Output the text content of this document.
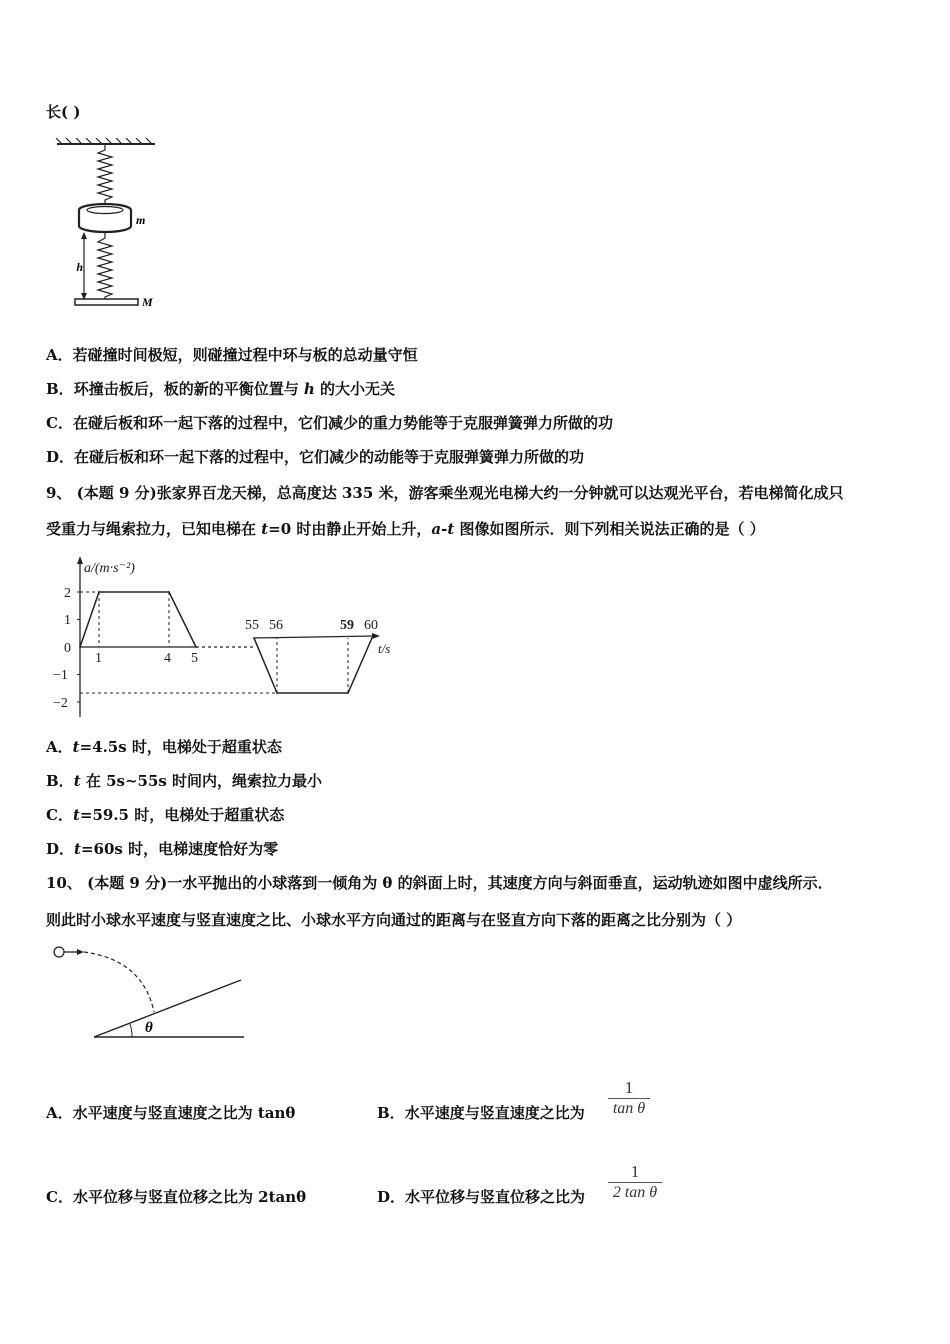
长( )
m
h
M
A．若碰撞时间极短，则碰撞过程中环与板的总动量守恒
B．环撞击板后，板的新的平衡位置与 h 的大小无关
C．在碰后板和环一起下落的过程中，它们减少的重力势能等于克服弹簧弹力所做的功
D．在碰后板和环一起下落的过程中，它们减少的动能等于克服弹簧弹力所做的功
9、 (本题 9 分)张家界百龙天梯，总高度达 335 米，游客乘坐观光电梯大约一分钟就可以达观光平台，若电梯简化成只
受重力与绳索拉力，已知电梯在 t=0 时由静止开始上升，a-t 图像如图所示．则下列相关说法正确的是（ ）
a/(m·s⁻²)
t/s
2
1
0
−1
−2
1	4 5
55 56	59 60
A．t=4.5s 时，电梯处于超重状态
B．t 在 5s~55s 时间内，绳索拉力最小
C．t=59.5 时，电梯处于超重状态
D．t=60s 时，电梯速度恰好为零
10、 (本题 9 分)一水平抛出的小球落到一倾角为 θ 的斜面上时，其速度方向与斜面垂直，运动轨迹如图中虚线所示．
则此时小球水平速度与竖直速度之比、小球水平方向通过的距离与在竖直方向下落的距离之比分别为（ ）
θ
A．水平速度与竖直速度之比为 tanθ	B．水平速度与竖直速度之比为
1
tan θ
C．水平位移与竖直位移之比为 2tanθ	D．水平位移与竖直位移之比为
1
2 tan θ
